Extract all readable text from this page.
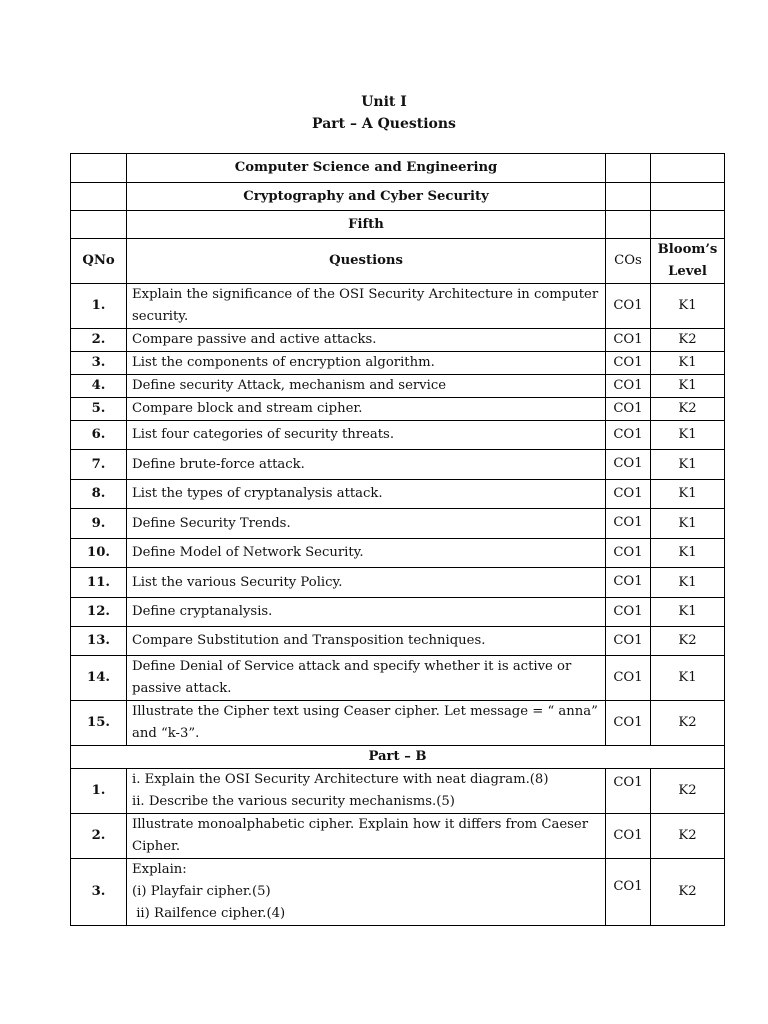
Unit I
Part – A Questions
	Computer Science and Engineering		
	Cryptography and Cyber Security		
	Fifth		
QNo	Questions	COs	Bloom’s Level
1.	Explain the significance of the OSI Security Architecture in computer security.	CO1	K1
2.	Compare passive and active attacks.	CO1	K2
3.	List the components of encryption algorithm.	CO1	K1
4.	Define security Attack, mechanism and service	CO1	K1
5.	Compare block and stream cipher.	CO1	K2
6.	List four categories of security threats.	CO1	K1
7.	Define brute-force attack.	CO1	K1
8.	List the types of cryptanalysis attack.	CO1	K1
9.	Define Security Trends.	CO1	K1
10.	Define Model of Network Security.	CO1	K1
11.	List the various Security Policy.	CO1	K1
12.	Define cryptanalysis.	CO1	K1
13.	Compare Substitution and Transposition techniques.	CO1	K2
14.	Define Denial of Service attack and specify whether it is active or passive attack.	CO1	K1
15.	Illustrate the Cipher text using Ceaser cipher. Let message = “ anna” and “k-3”.	CO1	K2
Part – B			
1.	i. Explain the OSI Security Architecture with neat diagram.(8)
ii. Describe the various security mechanisms.(5)	CO1	K2
2.	Illustrate monoalphabetic cipher. Explain how it differs from Caeser Cipher.	CO1	K2
3.	Explain:
(i) Playfair cipher.(5)
ii) Railfence cipher.(4)	CO1	K2
